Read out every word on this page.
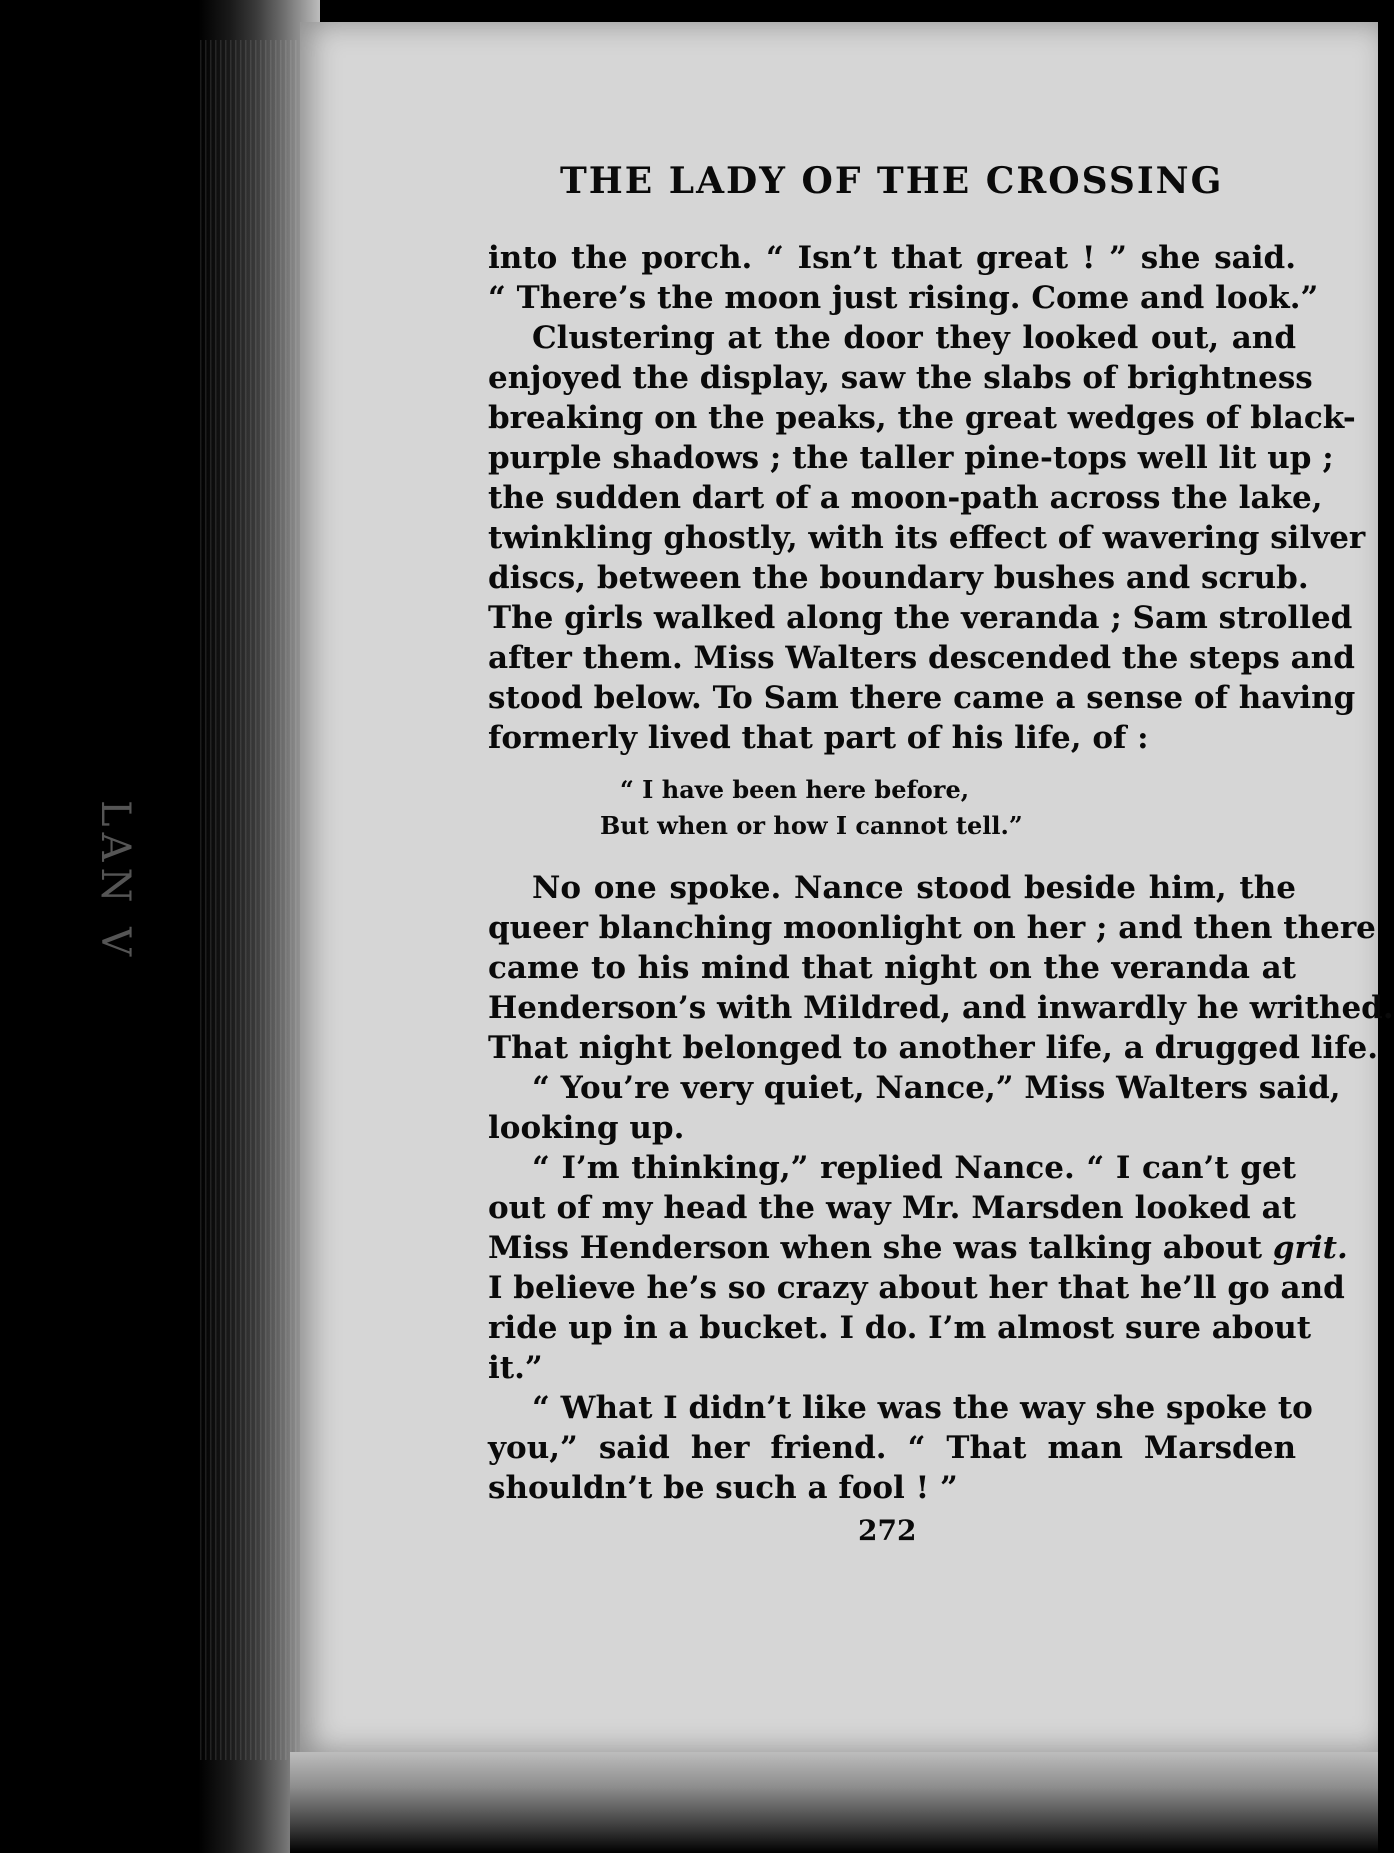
LAN V
THE LADY OF THE CROSSING
into the porch. “ Isn’t that great ! ” she said.
“ There’s the moon just rising. Come and look.”
Clustering at the door they looked out, and
enjoyed the display, saw the slabs of brightness
breaking on the peaks, the great wedges of black-
purple shadows ; the taller pine-tops well lit up ;
the sudden dart of a moon-path across the lake,
twinkling ghostly, with its effect of wavering silver
discs, between the boundary bushes and scrub.
The girls walked along the veranda ; Sam strolled
after them. Miss Walters descended the steps and
stood below. To Sam there came a sense of having
formerly lived that part of his life, of :
“ I have been here before,
But when or how I cannot tell.”
No one spoke. Nance stood beside him, the
queer blanching moonlight on her ; and then there
came to his mind that night on the veranda at
Henderson’s with Mildred, and inwardly he writhed.
That night belonged to another life, a drugged life.
“ You’re very quiet, Nance,” Miss Walters said,
looking up.
“ I’m thinking,” replied Nance. “ I can’t get
out of my head the way Mr. Marsden looked at
Miss Henderson when she was talking about grit.
I believe he’s so crazy about her that he’ll go and
ride up in a bucket. I do. I’m almost sure about
it.”
“ What I didn’t like was the way she spoke to
you,” said her friend. “ That man Marsden
shouldn’t be such a fool ! ”
272
